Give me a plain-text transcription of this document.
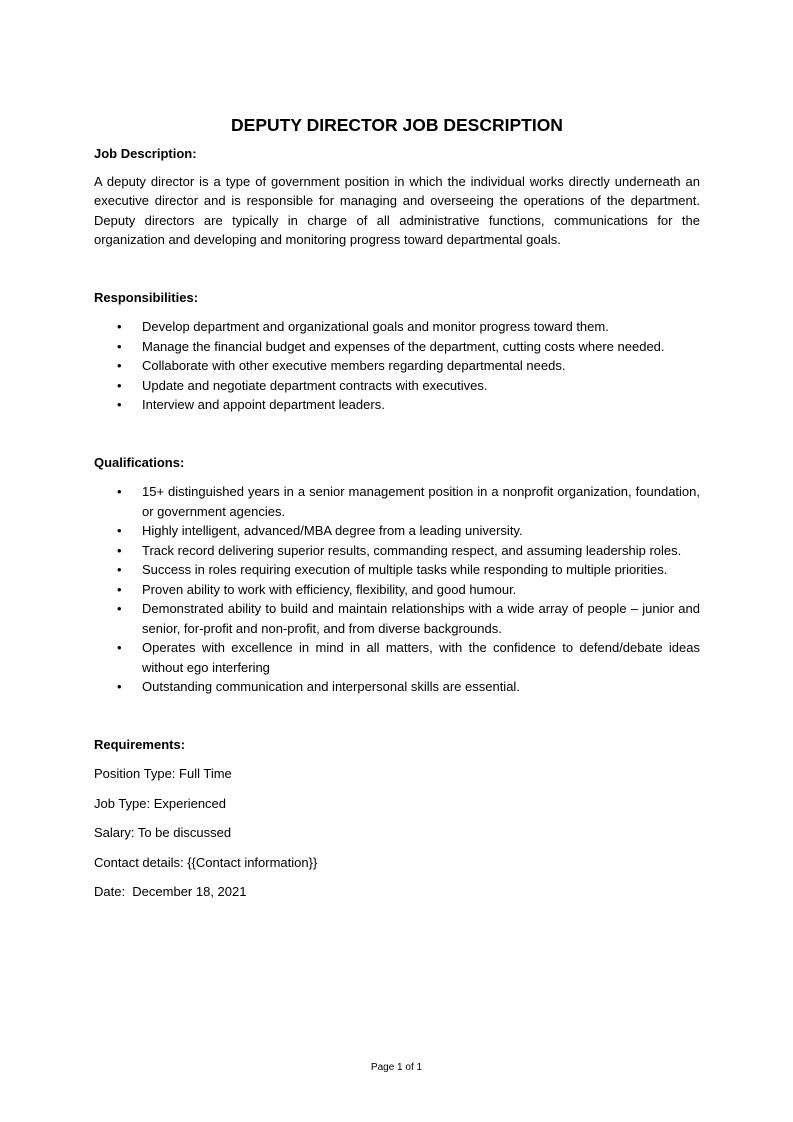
DEPUTY DIRECTOR JOB DESCRIPTION

Job Description:

A deputy director is a type of government position in which the individual works directly underneath an executive director and is responsible for managing and overseeing the operations of the department. Deputy directors are typically in charge of all administrative functions, communications for the organization and developing and monitoring progress toward departmental goals.

Responsibilities:

• Develop department and organizational goals and monitor progress toward them.
• Manage the financial budget and expenses of the department, cutting costs where needed.
• Collaborate with other executive members regarding departmental needs.
• Update and negotiate department contracts with executives.
• Interview and appoint department leaders.

Qualifications:

• 15+ distinguished years in a senior management position in a nonprofit organization, foundation, or government agencies.
• Highly intelligent, advanced/MBA degree from a leading university.
• Track record delivering superior results, commanding respect, and assuming leadership roles.
• Success in roles requiring execution of multiple tasks while responding to multiple priorities.
• Proven ability to work with efficiency, flexibility, and good humour.
• Demonstrated ability to build and maintain relationships with a wide array of people – junior and senior, for-profit and non-profit, and from diverse backgrounds.
• Operates with excellence in mind in all matters, with the confidence to defend/debate ideas without ego interfering
• Outstanding communication and interpersonal skills are essential.

Requirements:

Position Type: Full Time

Job Type: Experienced

Salary: To be discussed

Contact details: {{Contact information}}

Date:  December 18, 2021

Page 1 of 1
